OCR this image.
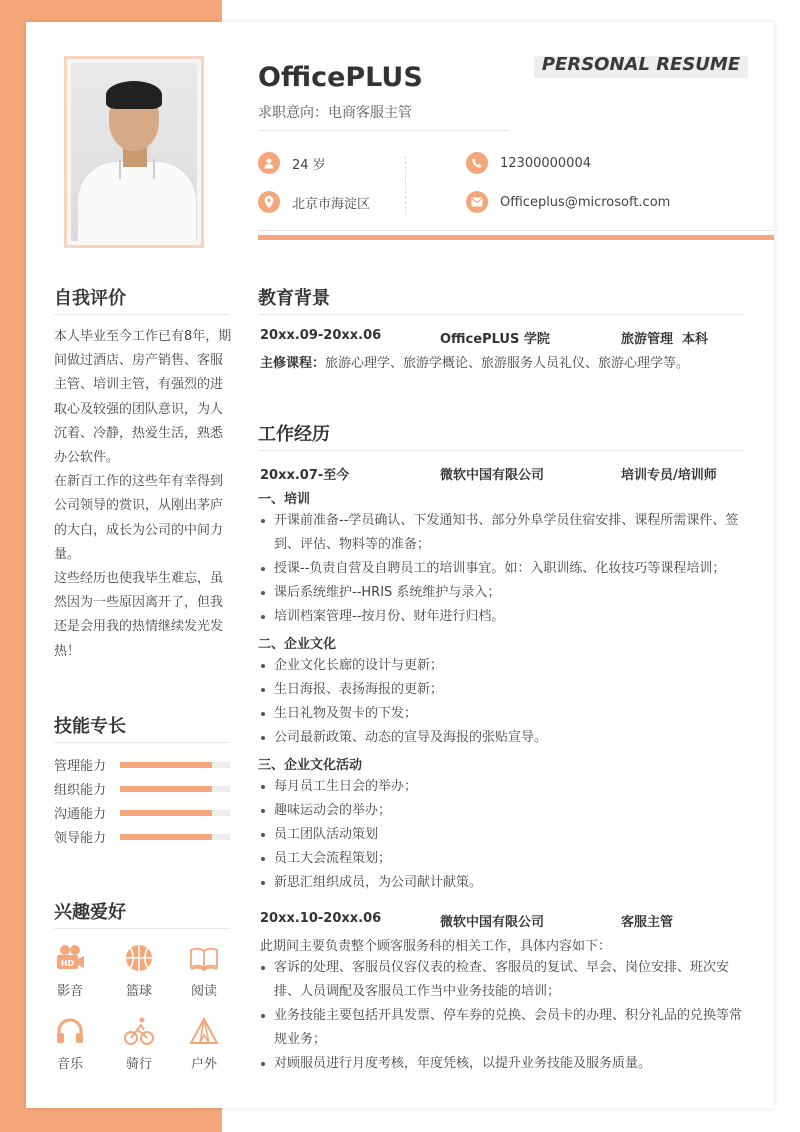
OfficePLUS
求职意向：电商客服主管
PERSONAL RESUME
24 岁
北京市海淀区
12300000004
Officeplus@microsoft.com
自我评价

本人毕业至今工作已有8年，期间做过酒店、房产销售、客服主管、培训主管，有强烈的进取心及较强的团队意识，为人沉着、冷静，热爱生活，熟悉办公软件。

在新百工作的这些年有幸得到公司领导的赏识，从刚出茅庐的大白，成长为公司的中间力量。

这些经历也使我毕生难忘，虽然因为一些原因离开了，但我还是会用我的热情继续发光发热！

技能专长
管理能力
组织能力
沟通能力
领导能力
兴趣爱好
HD
影音	篮球	阅读
音乐	骑行	户外
教育背景
20xx.09-20xx.06	OfficePLUS 学院	旅游管理  本科
主修课程：旅游心理学、旅游学概论、旅游服务人员礼仪、旅游心理学等。
工作经历
20xx.07-至今	微软中国有限公司	培训专员/培训师
一、培训
开课前准备--学员确认、下发通知书、部分外阜学员住宿安排、课程所需课件、签到、评估、物料等的准备；
授课--负责自营及自聘员工的培训事宜。如：入职训练、化妆技巧等课程培训；
课后系统维护--HRIS 系统维护与录入；
培训档案管理--按月份、财年进行归档。
二、企业文化
企业文化长廊的设计与更新；
生日海报、表扬海报的更新；
生日礼物及贺卡的下发；
公司最新政策、动态的宣导及海报的张贴宣导。
三、企业文化活动
每月员工生日会的举办；
趣味运动会的举办；
员工团队活动策划
员工大会流程策划；
新思汇组织成员，为公司献计献策。
20xx.10-20xx.06	微软中国有限公司	客服主管
此期间主要负责整个顾客服务科的相关工作，具体内容如下：
客诉的处理、客服员仪容仪表的检查、客服员的复试、早会、岗位安排、班次安排、人员调配及客服员工作当中业务技能的培训；
业务技能主要包括开具发票、停车券的兑换、会员卡的办理、积分礼品的兑换等常规业务；
对顾服员进行月度考核，年度凭核，以提升业务技能及服务质量。
